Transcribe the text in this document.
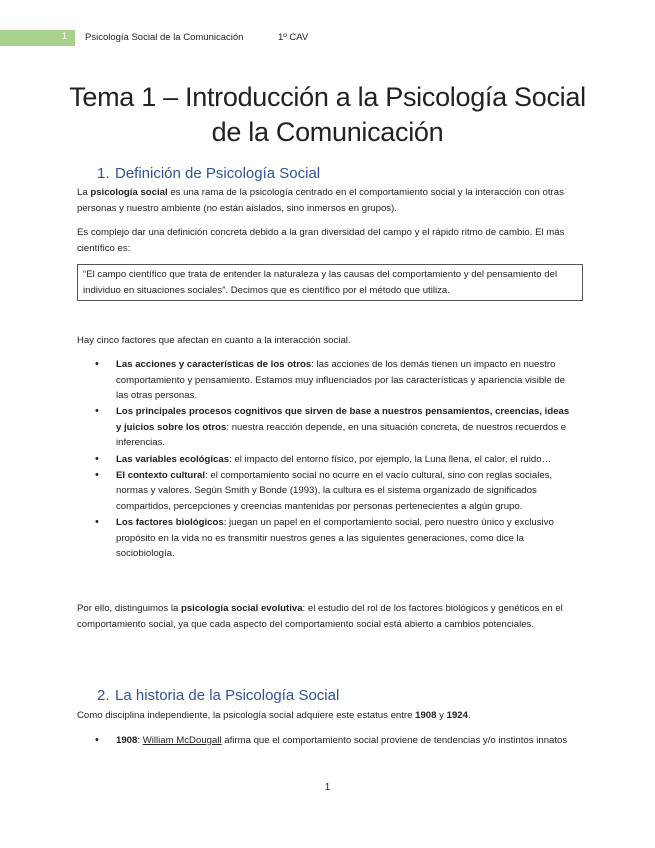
1 Psicología Social de la Comunicación	1º CAV
Tema 1 – Introducción a la Psicología Social
de la Comunicación
1. Definición de Psicología Social
La psicología social es una rama de la psicología centrado en el comportamiento social y la interacción con otras personas y nuestro ambiente (no están aislados, sino inmersos en grupos).
Es complejo dar una definición concreta debido a la gran diversidad del campo y el rápido ritmo de cambio. El más científico es:
“El campo científico que trata de entender la naturaleza y las causas del comportamiento y del pensamiento del individuo en situaciones sociales”. Decimos que es científico por el método que utiliza.
Hay cinco factores que afectan en cuanto a la interacción social.
• Las acciones y características de los otros: las acciones de los demás tienen un impacto en nuestro comportamiento y pensamiento. Estamos muy influenciados por las características y apariencia visible de las otras personas.
• Los principales procesos cognitivos que sirven de base a nuestros pensamientos, creencias, ideas y juicios sobre los otros: nuestra reacción depende, en una situación concreta, de nuestros recuerdos e inferencias.
• Las variables ecológicas: el impacto del entorno físico, por ejemplo, la Luna llena, el calor, el ruido…
• El contexto cultural: el comportamiento social no ocurre en el vacío cultural, sino con reglas sociales, normas y valores. Según Smith y Bonde (1993), la cultura es el sistema organizado de significados compartidos, percepciones y creencias mantenidas por personas pertenecientes a algún grupo.
• Los factores biológicos: juegan un papel en el comportamiento social, pero nuestro único y exclusivo propósito en la vida no es transmitir nuestros genes a las siguientes generaciones, como dice la sociobiología.
Por ello, distinguimos la psicología social evolutiva: el estudio del rol de los factores biológicos y genéticos en el comportamiento social, ya que cada aspecto del comportamiento social está abierto a cambios potenciales.
2. La historia de la Psicología Social
Como disciplina independiente, la psicología social adquiere este estatus entre 1908 y 1924.
• 1908: William McDougall afirma que el comportamiento social proviene de tendencias y/o instintos innatos
1
